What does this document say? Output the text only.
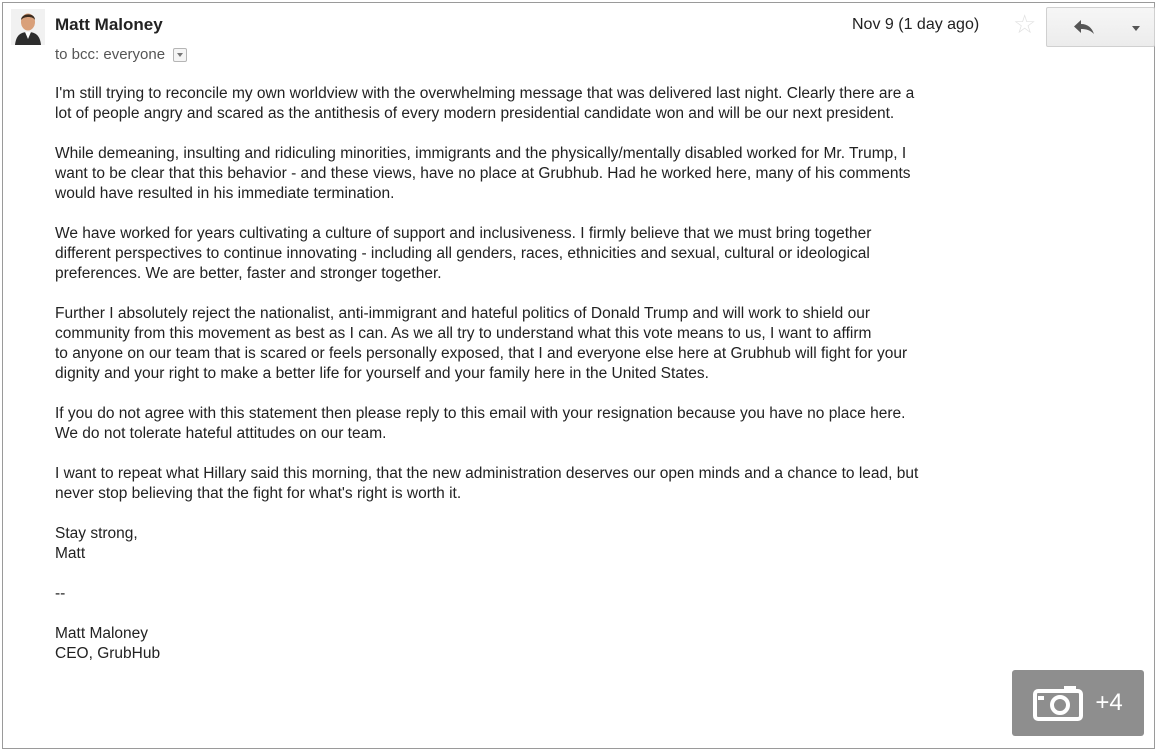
Matt Maloney
to bcc: everyone
Nov 9 (1 day ago) ☆

I'm still trying to reconcile my own worldview with the overwhelming message that was delivered last night. Clearly there are a
lot of people angry and scared as the antithesis of every modern presidential candidate won and will be our next president.

While demeaning, insulting and ridiculing minorities, immigrants and the physically/mentally disabled worked for Mr. Trump, I
want to be clear that this behavior - and these views, have no place at Grubhub. Had he worked here, many of his comments
would have resulted in his immediate termination.

We have worked for years cultivating a culture of support and inclusiveness. I firmly believe that we must bring together
different perspectives to continue innovating - including all genders, races, ethnicities and sexual, cultural or ideological
preferences. We are better, faster and stronger together.

Further I absolutely reject the nationalist, anti-immigrant and hateful politics of Donald Trump and will work to shield our
community from this movement as best as I can. As we all try to understand what this vote means to us, I want to affirm
to anyone on our team that is scared or feels personally exposed, that I and everyone else here at Grubhub will fight for your
dignity and your right to make a better life for yourself and your family here in the United States.

If you do not agree with this statement then please reply to this email with your resignation because you have no place here.
We do not tolerate hateful attitudes on our team.

I want to repeat what Hillary said this morning, that the new administration deserves our open minds and a chance to lead, but
never stop believing that the fight for what's right is worth it.

Stay strong,
Matt

--

Matt Maloney
CEO, GrubHub

+4
